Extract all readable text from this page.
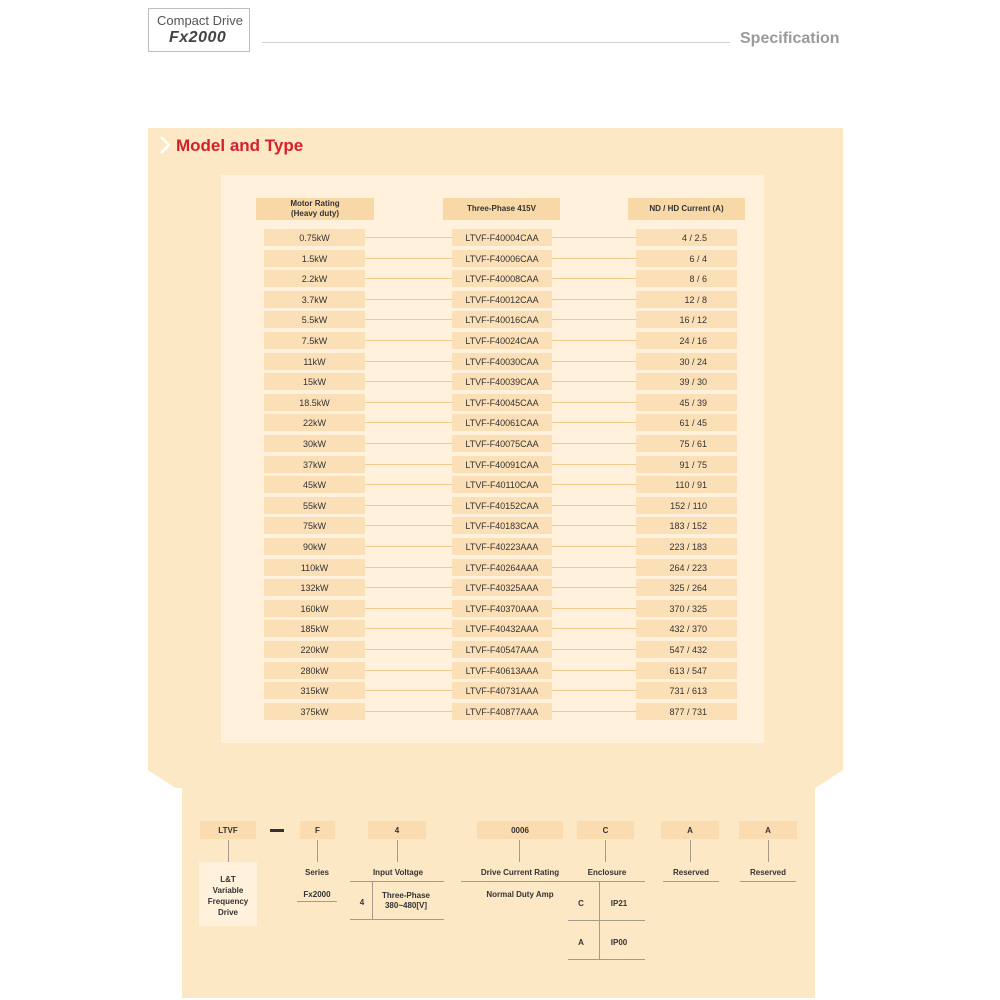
Compact Drive
Fx2000	Specification
Model and Type
Motor Rating
(Heavy duty)
Three-Phase 415V	ND / HD Current (A)
0.75kW	LTVF-F40004CAA	4 / 2.5
1.5kW	LTVF-F40006CAA	6 / 4
2.2kW	LTVF-F40008CAA	8 / 6
3.7kW	LTVF-F40012CAA	12 / 8
5.5kW	LTVF-F40016CAA	16 / 12
7.5kW	LTVF-F40024CAA	24 / 16
11kW	LTVF-F40030CAA	30 / 24
15kW	LTVF-F40039CAA	39 / 30
18.5kW	LTVF-F40045CAA	45 / 39
22kW	LTVF-F40061CAA	61 / 45
30kW	LTVF-F40075CAA	75 / 61
37kW	LTVF-F40091CAA	91 / 75
45kW	LTVF-F40110CAA	110 / 91
55kW	LTVF-F40152CAA	152 / 110
75kW	LTVF-F40183CAA	183 / 152
90kW	LTVF-F40223AAA	223 / 183
110kW	LTVF-F40264AAA	264 / 223
132kW	LTVF-F40325AAA	325 / 264
160kW	LTVF-F40370AAA	370 / 325
185kW	LTVF-F40432AAA	432 / 370
220kW	LTVF-F40547AAA	547 / 432
280kW	LTVF-F40613AAA	613 / 547
315kW	LTVF-F40731AAA	731 / 613
375kW	LTVF-F40877AAA	877 / 731
LTVF	F	4	0006	C	A	A
L&T
Variable
Frequency
Drive
Series
Fx2000
Input Voltage
4
Three-Phase
380~480[V]
Drive Current Rating
Normal Duty Amp
Enclosure
C	IP21
A	IP00
Reserved	Reserved
